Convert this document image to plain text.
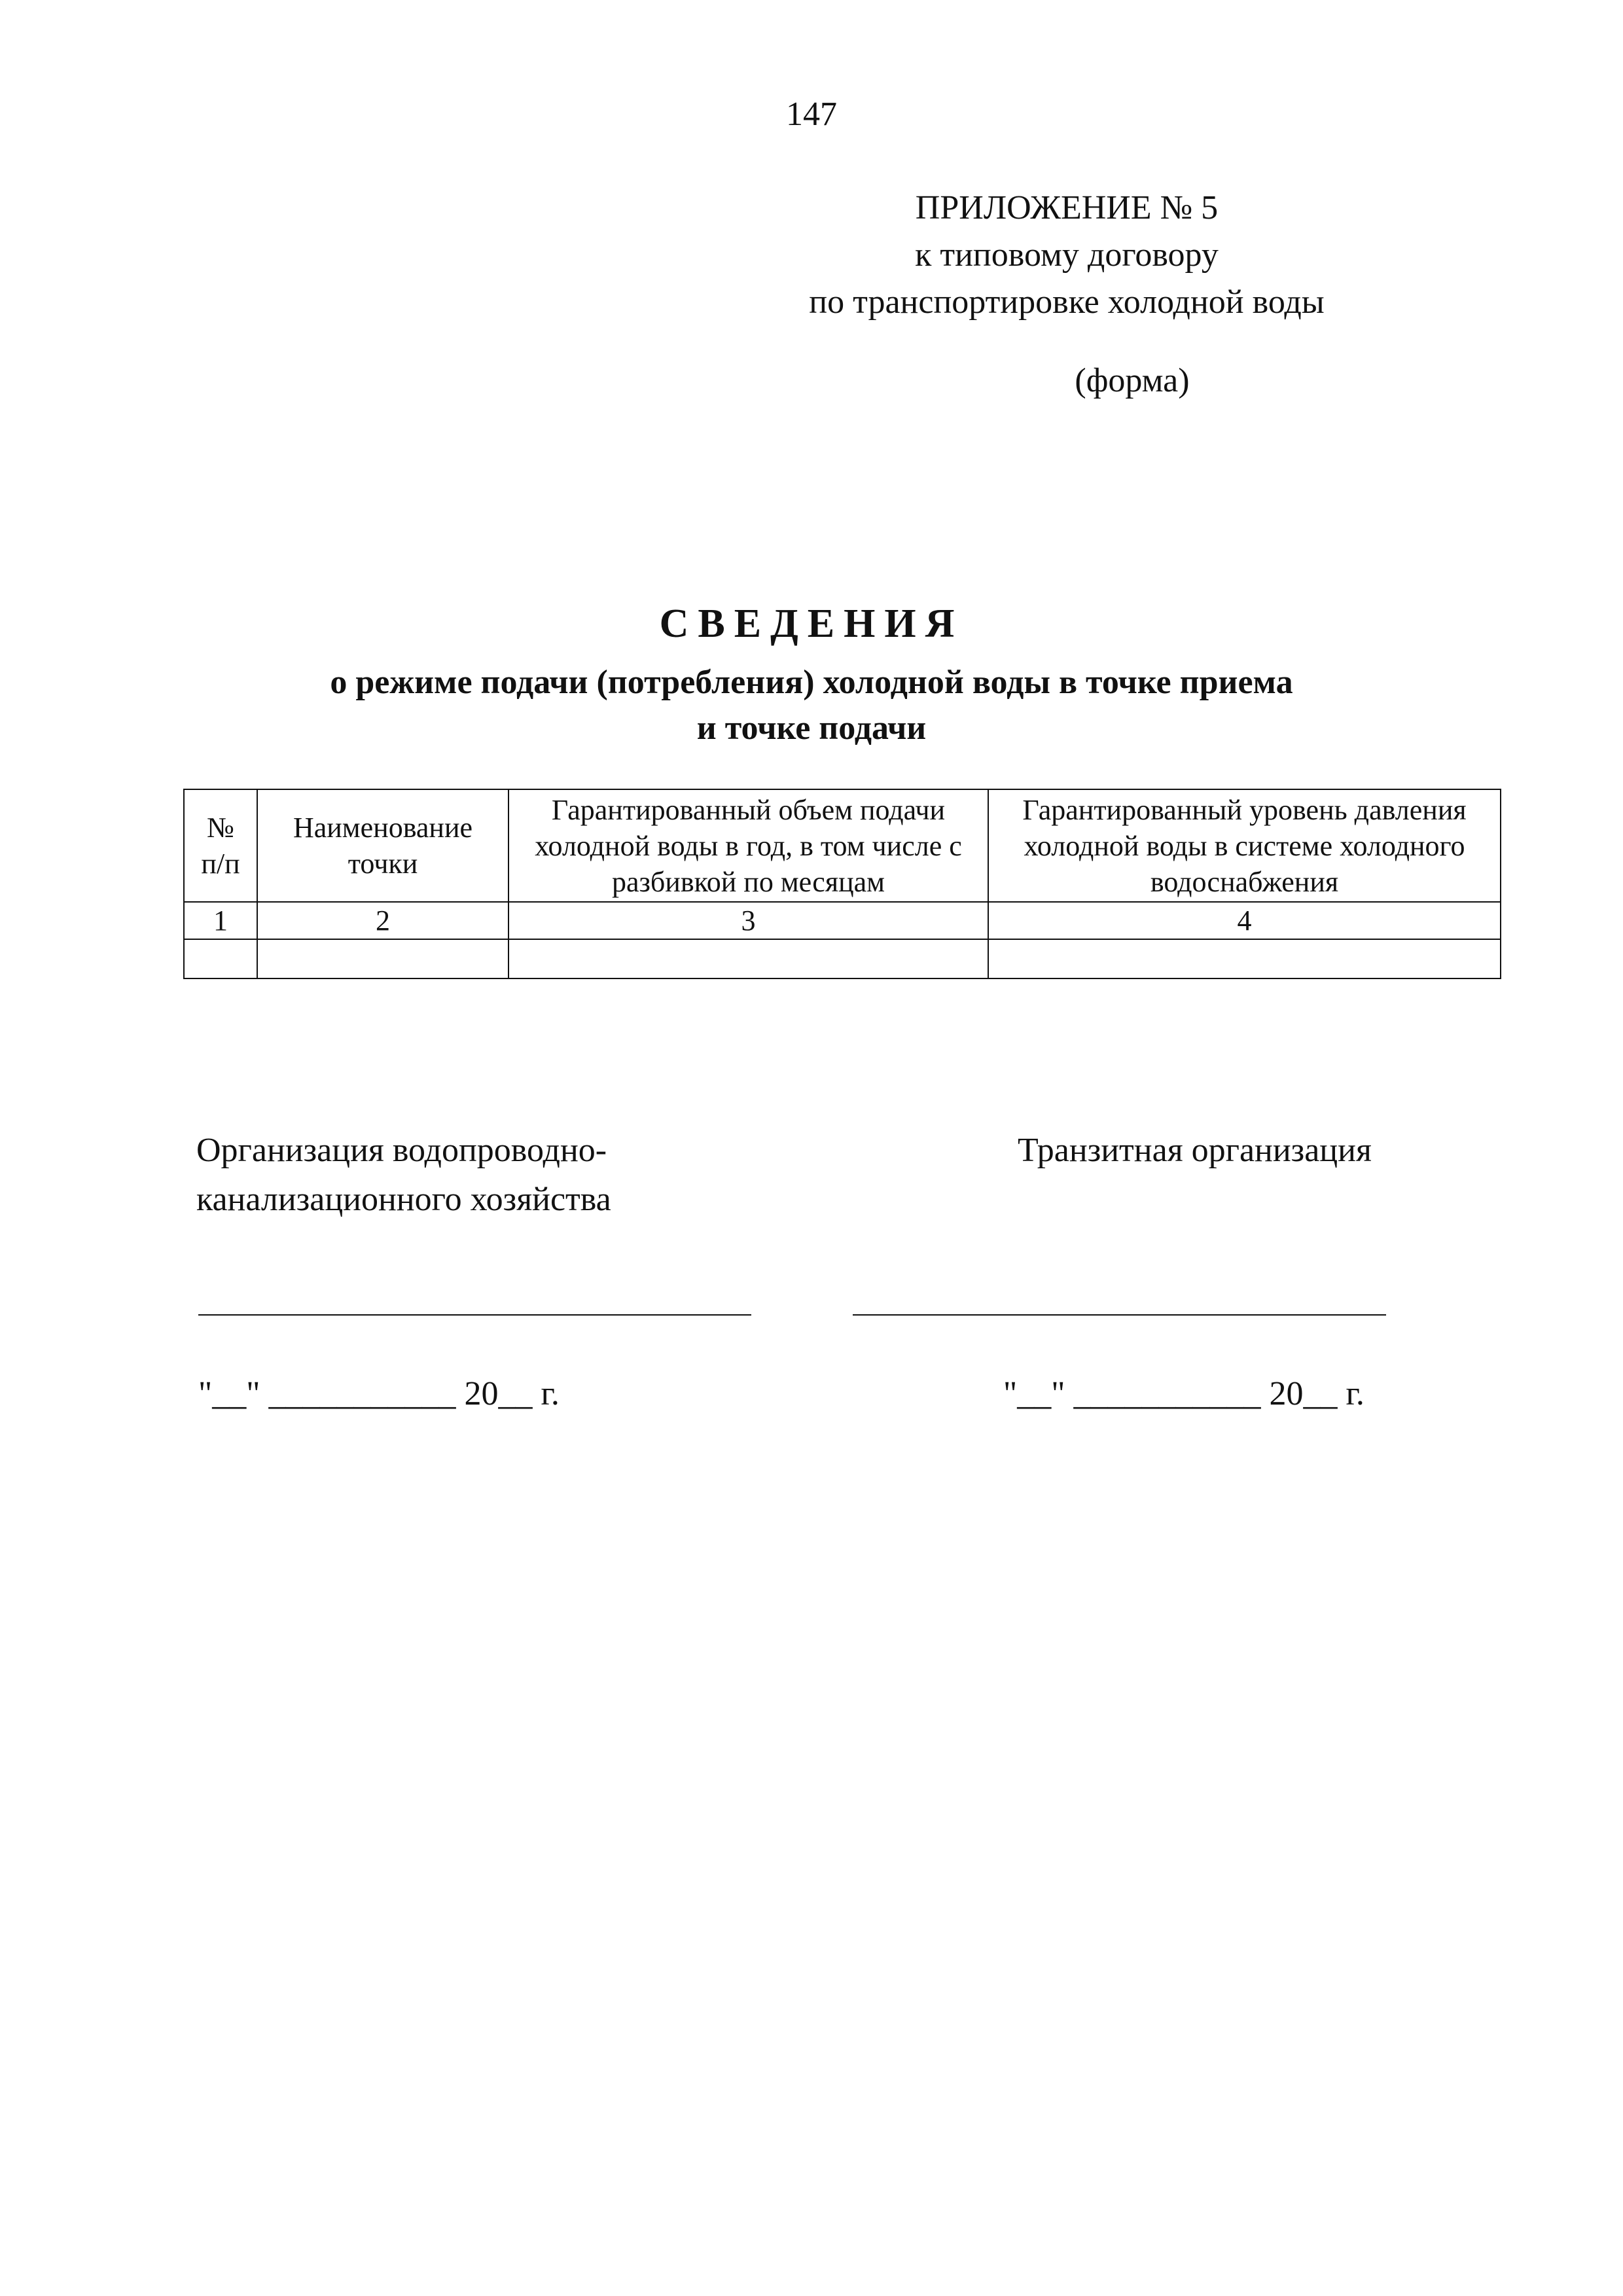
147
ПРИЛОЖЕНИЕ № 5
к типовому договору
по транспортировке холодной воды
(форма)
СВЕДЕНИЯ
о режиме подачи (потребления) холодной воды в точке приема
и точке подачи
№ п/п	Наименование точки	Гарантированный объем подачи холодной воды в год, в том числе с разбивкой по месяцам	Гарантированный уровень давления холодной воды в системе холодного водоснабжения
1	2	3	4

Организация водопроводно-
канализационного хозяйства
Транзитная организация
"__" ___________ 20__ г.	"__" ___________ 20__ г.
